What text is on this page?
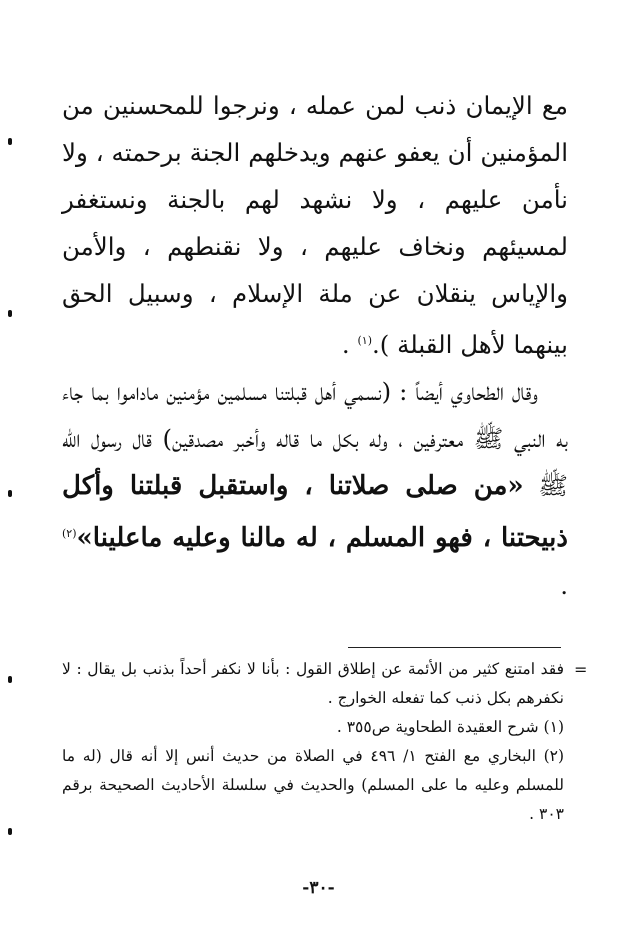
مع الإيمان ذنب لمن عمله ، ونرجوا للمحسنين من المؤمنين أن يعفو عنهم ويدخلهم الجنة برحمته ، ولا نأمن عليهم ، ولا نشهد لهم بالجنة ونستغفر لمسيئهم ونخاف عليهم ، ولا نقنطهم ، والأمن والإياس ينقلان عن ملة الإسلام ، وسبيل الحق بينهما لأهل القبلة ).$^{(١)}$ .

وقال الطحاوي أيضاً : (نسمي أهل قبلتنا مسلمين مؤمنين ماداموا بما جاء به النبي ﷺ معترفين ، وله بكل ما قاله وأخبر مصدقين) قال رسول الله ﷺ «من صلى صلاتنا ، واستقبل قبلتنا وأكل ذبيحتنا ، فهو المسلم ، له مالنا وعليه ماعلينا»$^{(٢)}$ .

=

فقد امتنع كثير من الأئمة عن إطلاق القول : بأنا لا نكفر أحداً بذنب بل يقال : لا نكفرهم بكل ذنب كما تفعله الخوارج .

(١) شرح العقيدة الطحاوية ص٣٥٥ .

(٢) البخاري مع الفتح ١/ ٤٩٦ في الصلاة من حديث أنس إلا أنه قال (له ما للمسلم وعليه ما على المسلم) والحديث في سلسلة الأحاديث الصحيحة برقم ٣٠٣ .

-٣٠-
